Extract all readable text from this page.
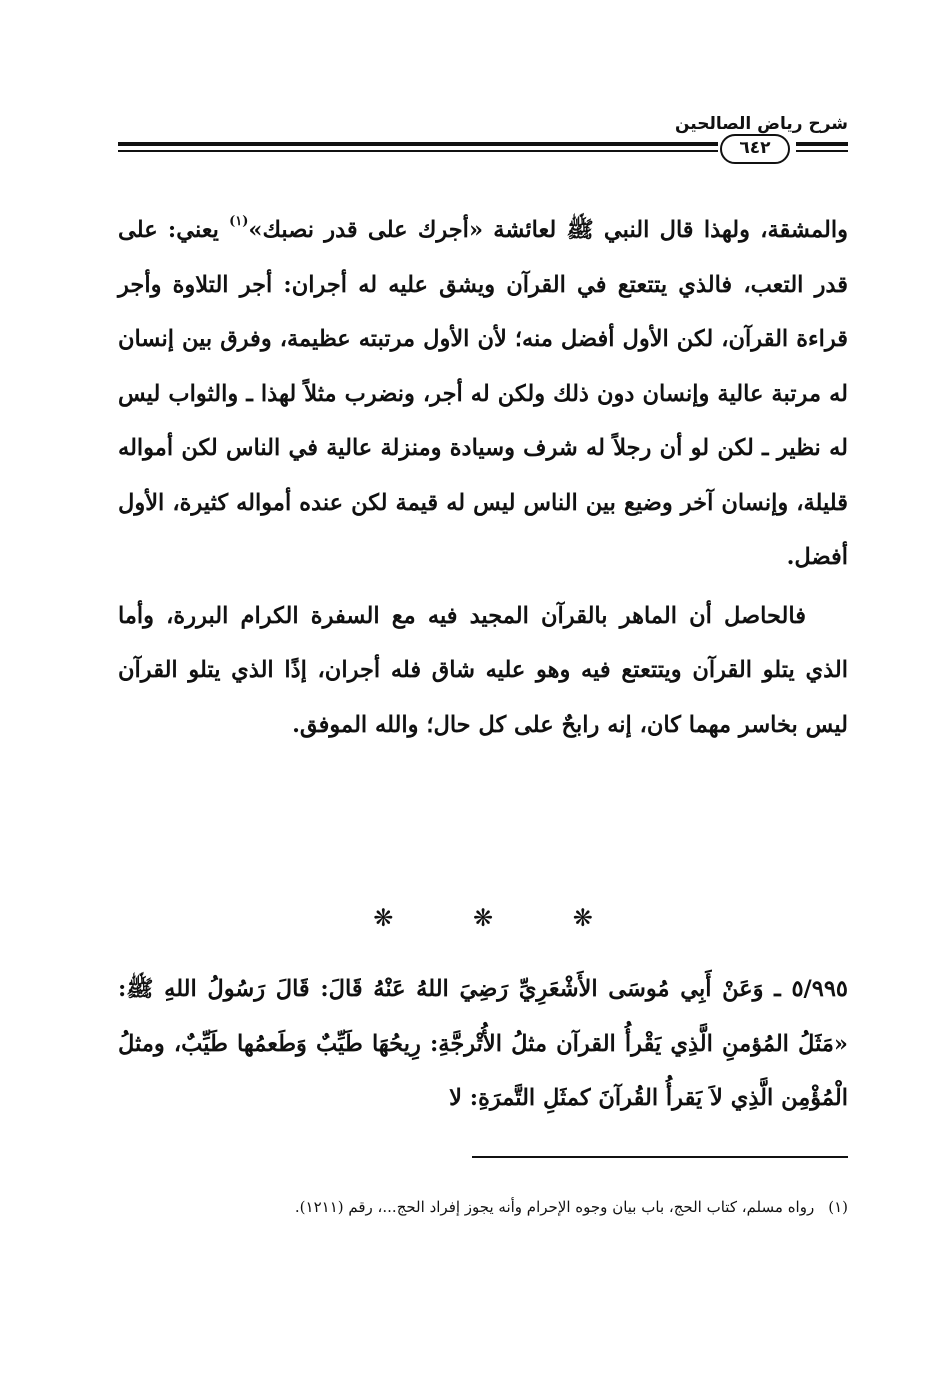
شرح رياض الصالحين
٦٤٢

والمشقة، ولهذا قال النبي ﷺ لعائشة «أجرك على قدر نصبك»$^{(١)}$ يعني: على قدر التعب، فالذي يتتعتع في القرآن ويشق عليه له أجران: أجر التلاوة وأجر قراءة القرآن، لكن الأول أفضل منه؛ لأن الأول مرتبته عظيمة، وفرق بين إنسان له مرتبة عالية وإنسان دون ذلك ولكن له أجر، ونضرب مثلاً لهذا ـ والثواب ليس له نظير ـ لكن لو أن رجلاً له شرف وسيادة ومنزلة عالية في الناس لكن أمواله قليلة، وإنسان آخر وضيع بين الناس ليس له قيمة لكن عنده أمواله كثيرة، الأول أفضل.

فالحاصل أن الماهر بالقرآن المجيد فيه مع السفرة الكرام البررة، وأما الذي يتلو القرآن ويتتعتع فيه وهو عليه شاق فله أجران، إذًا الذي يتلو القرآن ليس بخاسر مهما كان، إنه رابحٌ على كل حال؛ والله الموفق.

❋	❋	❋
٥/٩٩٥ ـ وَعَنْ أَبِي مُوسَى الأَشْعَرِيِّ رَضِيَ اللهُ عَنْهُ قَالَ: قَالَ رَسُولُ اللهِ ﷺ: «مَثَلُ المُؤمنِ الَّذِي يَقْرأُ القرآن مثلُ الأُتْرجَّةِ: رِيحُهَا طَيِّبٌ وَطَعمُها طَيِّبٌ، ومثلُ الْمُؤْمِن الَّذِي لاَ يَقرأُ القُرآنَ كمثَلِ التَّمرَةِ: لا
(١)رواه مسلم، كتاب الحج، باب بيان وجوه الإحرام وأنه يجوز إفراد الحج...، رقم (١٢١١).
